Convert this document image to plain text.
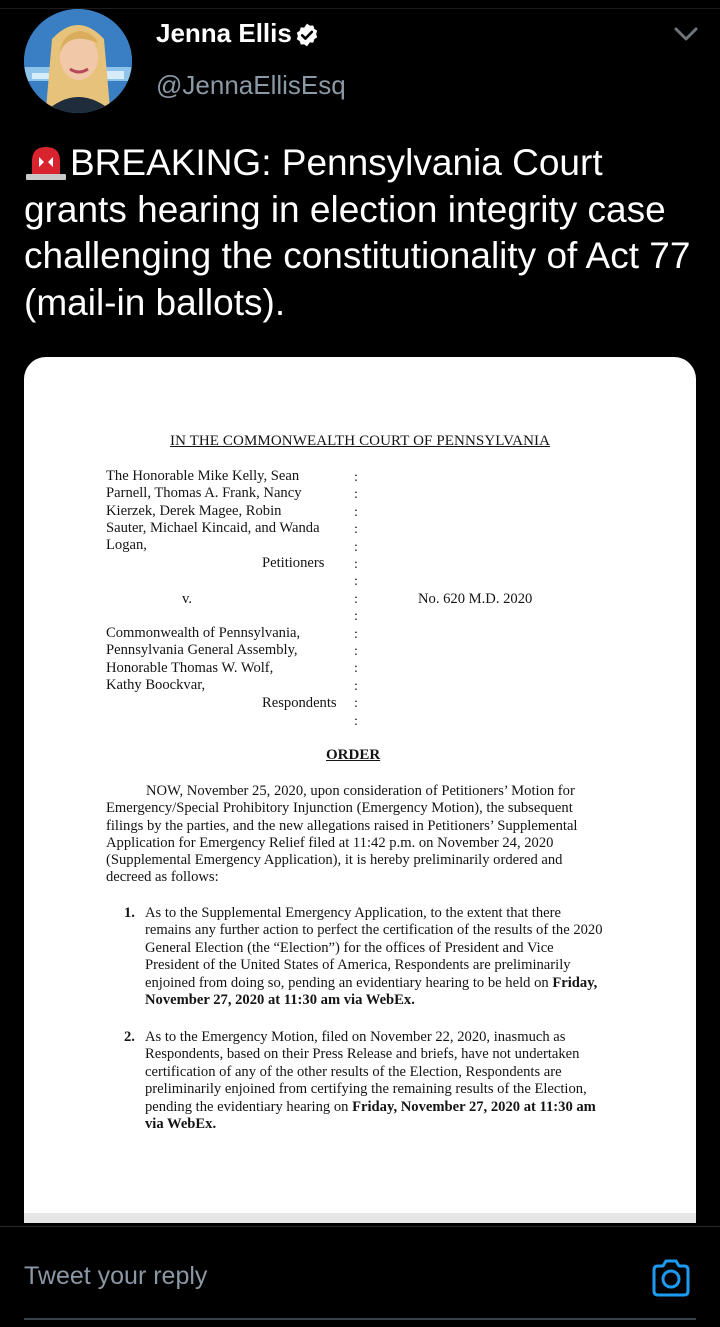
Jenna Ellis
@JennaEllisEsq
BREAKING: Pennsylvania Court grants hearing in election integrity case challenging the constitutionality of Act 77 (mail-in ballots).
IN THE COMMONWEALTH COURT OF PENNSYLVANIA
The Honorable Mike Kelly, Sean
Parnell, Thomas A. Frank, Nancy
Kierzek, Derek Magee, Robin
Sauter, Michael Kincaid, and Wanda
Logan,
Petitioners
:
:
:
:
:
:
:
:
:
:
:
:
:
:
:
v.	No. 620 M.D. 2020
Commonwealth of Pennsylvania,
Pennsylvania General Assembly,
Honorable Thomas W. Wolf,
Kathy Boockvar,
Respondents
ORDER
NOW, November 25, 2020, upon consideration of Petitioners’ Motion for Emergency/Special Prohibitory Injunction (Emergency Motion), the subsequent filings by the parties, and the new allegations raised in Petitioners’ Supplemental Application for Emergency Relief filed at 11:42 p.m. on November 24, 2020 (Supplemental Emergency Application), it is hereby preliminarily ordered and decreed as follows:
1. As to the Supplemental Emergency Application, to the extent that there remains any further action to perfect the certification of the results of the 2020 General Election (the “Election”) for the offices of President and Vice President of the United States of America, Respondents are preliminarily enjoined from doing so, pending an evidentiary hearing to be held on Friday, November 27, 2020 at 11:30 am via WebEx.
2. As to the Emergency Motion, filed on November 22, 2020, inasmuch as Respondents, based on their Press Release and briefs, have not undertaken certification of any of the other results of the Election, Respondents are preliminarily enjoined from certifying the remaining results of the Election, pending the evidentiary hearing on Friday, November 27, 2020 at 11:30 am via WebEx.
Tweet your reply
